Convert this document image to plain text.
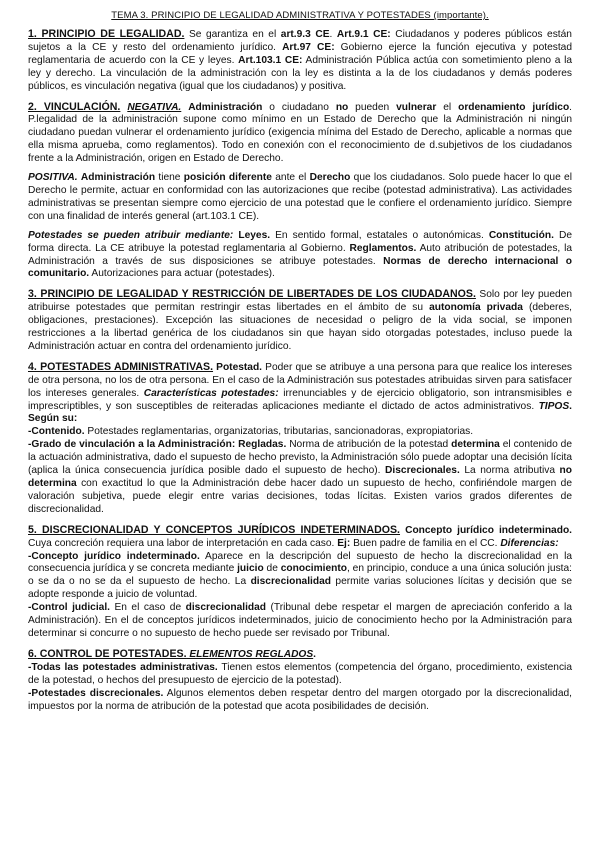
TEMA 3. PRINCIPIO DE LEGALIDAD ADMINISTRATIVA Y POTESTADES (importante).

1. PRINCIPIO DE LEGALIDAD. Se garantiza en el art.9.3 CE. Art.9.1 CE: Ciudadanos y poderes públicos están sujetos a la CE y resto del ordenamiento jurídico. Art.97 CE: Gobierno ejerce la función ejecutiva y potestad reglamentaria de acuerdo con la CE y leyes. Art.103.1 CE: Administración Pública actúa con sometimiento pleno a la ley y derecho. La vinculación de la administración con la ley es distinta a la de los ciudadanos y demás poderes públicos, es vinculación negativa (igual que los ciudadanos) y positiva.

2. VINCULACIÓN. NEGATIVA. Administración o ciudadano no pueden vulnerar el ordenamiento jurídico. P.legalidad de la administración supone como mínimo en un Estado de Derecho que la Administración ni ningún ciudadano puedan vulnerar el ordenamiento jurídico (exigencia mínima del Estado de Derecho, aplicable a normas que ella misma aprueba, como reglamentos). Todo en conexión con el reconocimiento de d.subjetivos de los ciudadanos frente a la Administración, origen en Estado de Derecho.

POSITIVA. Administración tiene posición diferente ante el Derecho que los ciudadanos. Solo puede hacer lo que el Derecho le permite, actuar en conformidad con las autorizaciones que recibe (potestad administrativa). Las actividades administrativas se presentan siempre como ejercicio de una potestad que le confiere el ordenamiento jurídico. Siempre con una finalidad de interés general (art.103.1 CE).

Potestades se pueden atribuir mediante: Leyes. En sentido formal, estatales o autonómicas. Constitución. De forma directa. La CE atribuye la potestad reglamentaria al Gobierno. Reglamentos. Auto atribución de potestades, la Administración a través de sus disposiciones se atribuye potestades. Normas de derecho internacional o comunitario. Autorizaciones para actuar (potestades).

3. PRINCIPIO DE LEGALIDAD Y RESTRICCIÓN DE LIBERTADES DE LOS CIUDADANOS. Solo por ley pueden atribuirse potestades que permitan restringir estas libertades en el ámbito de su autonomía privada (deberes, obligaciones, prestaciones). Excepción las situaciones de necesidad o peligro de la vida social, se imponen restricciones a la libertad genérica de los ciudadanos sin que hayan sido otorgadas potestades, incluso puede la Administración actuar en contra del ordenamiento jurídico.

4. POTESTADES ADMINISTRATIVAS. Potestad. Poder que se atribuye a una persona para que realice los intereses de otra persona, no los de otra persona. En el caso de la Administración sus potestades atribuidas sirven para satisfacer los intereses generales. Características potestades: irrenunciables y de ejercicio obligatorio, son intransmisibles e imprescriptibles, y son susceptibles de reiteradas aplicaciones mediante el dictado de actos administrativos. TIPOS. Según su:

-Contenido. Potestades reglamentarias, organizatorias, tributarias, sancionadoras, expropiatorias.

-Grado de vinculación a la Administración: Regladas. Norma de atribución de la potestad determina el contenido de la actuación administrativa, dado el supuesto de hecho previsto, la Administración sólo puede adoptar una decisión lícita (aplica la única consecuencia jurídica posible dado el supuesto de hecho). Discrecionales. La norma atributiva no determina con exactitud lo que la Administración debe hacer dado un supuesto de hecho, confiriéndole margen de valoración subjetiva, puede elegir entre varias decisiones, todas lícitas. Existen varios grados diferentes de discrecionalidad.

5. DISCRECIONALIDAD Y CONCEPTOS JURÍDICOS INDETERMINADOS. Concepto jurídico indeterminado. Cuya concreción requiera una labor de interpretación en cada caso. Ej: Buen padre de familia en el CC. Diferencias:

-Concepto jurídico indeterminado. Aparece en la descripción del supuesto de hecho la discrecionalidad en la consecuencia jurídica y se concreta mediante juicio de conocimiento, en principio, conduce a una única solución justa: o se da o no se da el supuesto de hecho. La discrecionalidad permite varias soluciones lícitas y decisión que se adopte responde a juicio de voluntad.

-Control judicial. En el caso de discrecionalidad (Tribunal debe respetar el margen de apreciación conferido a la Administración). En el de conceptos jurídicos indeterminados, juicio de conocimiento hecho por la Administración para determinar si concurre o no supuesto de hecho puede ser revisado por Tribunal.

6. CONTROL DE POTESTADES. ELEMENTOS REGLADOS.

-Todas las potestades administrativas. Tienen estos elementos (competencia del órgano, procedimiento, existencia de la potestad, o hechos del presupuesto de ejercicio de la potestad).

-Potestades discrecionales. Algunos elementos deben respetar dentro del margen otorgado por la discrecionalidad, impuestos por la norma de atribución de la potestad que acota posibilidades de decisión.
